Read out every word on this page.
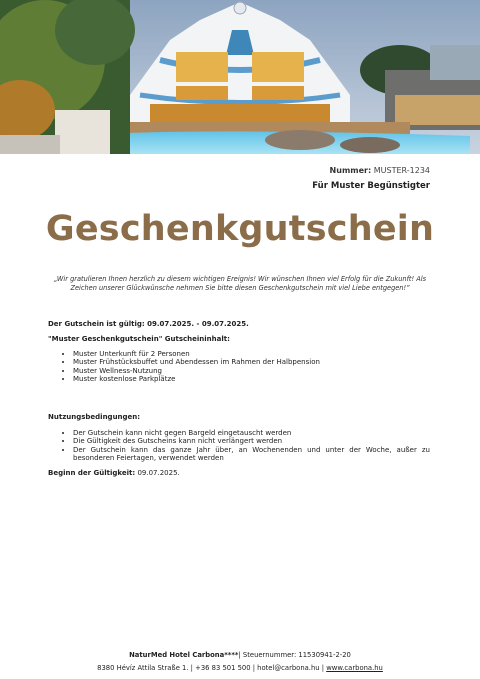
Nummer: MUSTER-1234
Für Muster Begünstigter
Geschenkgutschein
„Wir gratulieren Ihnen herzlich zu diesem wichtigen Ereignis! Wir wünschen Ihnen viel Erfolg für die Zukunft! Als Zeichen unserer Glückwünsche nehmen Sie bitte diesen Geschenkgutschein mit viel Liebe entgegen!”

Der Gutschein ist gültig: 09.07.2025. - 09.07.2025.

"Muster Geschenkgutschein" Gutscheininhalt:

• Muster Unterkunft für 2 Personen
• Muster Frühstücksbuffet und Abendessen im Rahmen der Halbpension
• Muster Wellness-Nutzung
• Muster kostenlose Parkplätze

Nutzungsbedingungen:

• Der Gutschein kann nicht gegen Bargeld eingetauscht werden
• Die Gültigkeit des Gutscheins kann nicht verlängert werden
• Der Gutschein kann das ganze Jahr über, an Wochenenden und unter der Woche, außer zu besonderen Feiertagen, verwendet werden

Beginn der Gültigkeit: 09.07.2025.

NaturMed Hotel Carbona****| Steuernummer: 11530941-2-20
8380 Hévíz Attila Straße 1. | +36 83 501 500 | hotel@carbona.hu | www.carbona.hu
